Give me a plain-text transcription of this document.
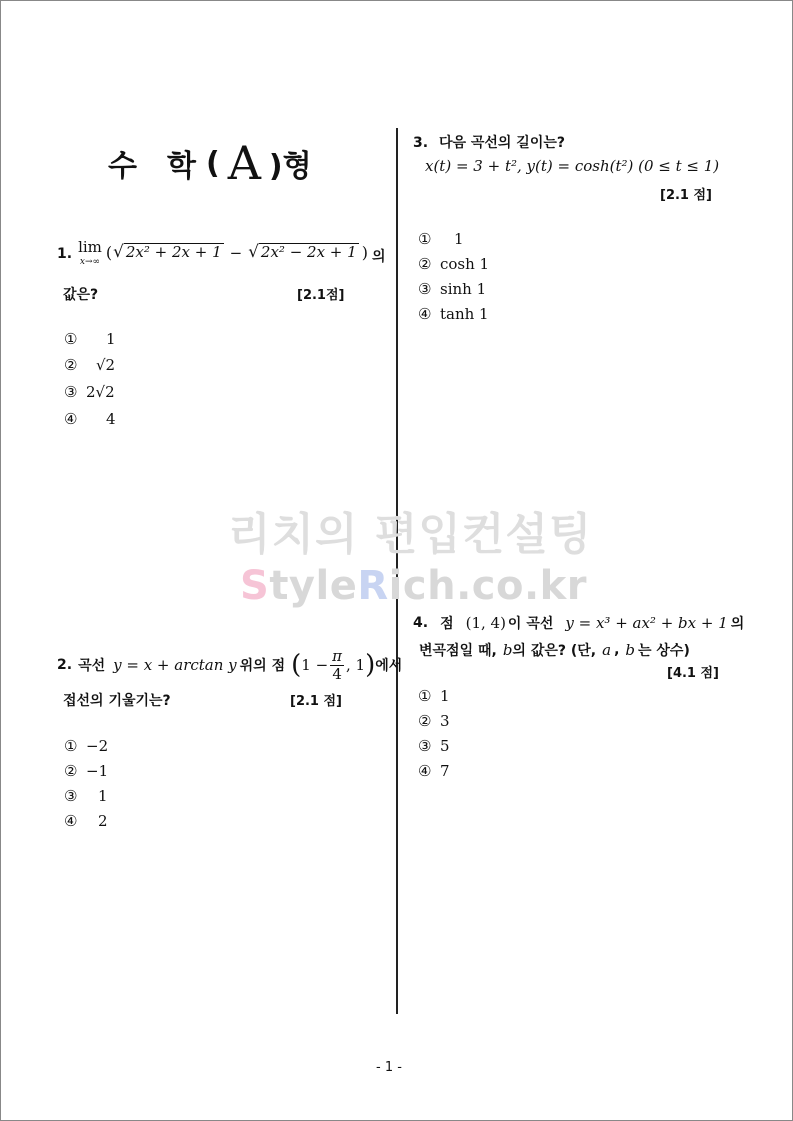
수 학 ( A )형
1. lim
x→∞ ( √ 2x² + 2x + 1 − √ 2x² − 2x + 1 ) 의
값은?	[2.1점]
①	1
②	√2
③ 2√2
④	4
2. 곡선 y = x + arctan y 위의 점 ( $1 - \frac{\pi}{4}$ , 1 ) 에서
접선의 기울기는?	[2.1 점]
① −2
② −1
③	1
④	2
3. 다음 곡선의 길이는?
x(t) = 3 + t², y(t) = cosh(t²) (0 ≤ t ≤ 1)
[2.1 점]
①	1
② cosh 1
③ sinh 1
④ tanh 1
리치의 편입컨설팅
StyleRich.co.kr
4. 점 (1, 4) 이 곡선 y = x³ + ax² + bx + 1 의
변곡점일 때, b 의 값은? (단, a , b 는 상수)
[4.1 점]
① 1
② 3
③ 5
④ 7
- 1 -
